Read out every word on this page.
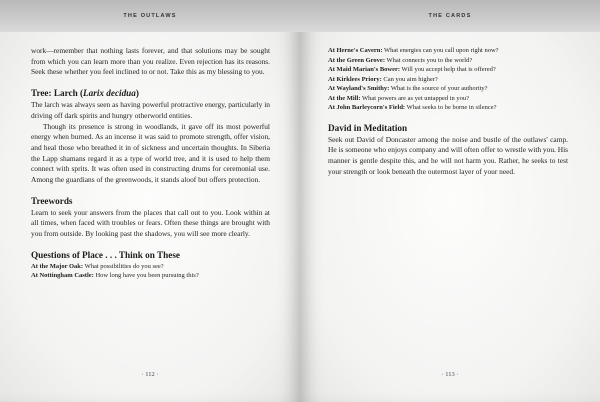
THE OUTLAWS

work—remember that nothing lasts forever, and that solutions may be sought from which you can learn more than you realize. Even rejection has its reasons. Seek these whether you feel inclined to or not. Take this as my blessing to you.

Tree: Larch (Larix decidua)

The larch was always seen as having powerful protractive energy, particularly in driving off dark spirits and hungry otherworld entities.

Though its presence is strong in woodlands, it gave off its most powerful energy when burned. As an incense it was said to promote strength, offer vision, and heal those who breathed it in of sickness and uncertain thoughts. In Siberia the Lapp shamans regard it as a type of world tree, and it is used to help them connect with sprits. It was often used in constructing drums for ceremonial use. Among the guardians of the greenwoods, it stands aloof but offers protection.

Treewords

Learn to seek your answers from the places that call out to you. Look within at all times, when faced with troubles or fears. Often these things are brought with you from outside. By looking past the shadows, you will see more clearly.

Questions of Place . . . Think on These

At the Major Oak: What possibilities do you see?

At Nottingham Castle: How long have you been pursuing this?

· 112 ·
THE CARDS

At Herne's Cavern: What energies can you call upon right now?

At the Green Grove: What connects you to the world?

At Maid Marian's Bower: Will you accept help that is offered?

At Kirklees Priory: Can you aim higher?

At Wayland's Smithy: What is the source of your authority?

At the Mill: What powers are as yet untapped in you?

At John Barleycorn's Field: What seeks to be borne in silence?

David in Meditation

Seek out David of Doncaster among the noise and bustle of the outlaws' camp. He is someone who enjoys company and will often offer to wrestle with you. His manner is gentle despite this, and he will not harm you. Rather, he seeks to test your strength or look beneath the outermost layer of your need.

· 113 ·
